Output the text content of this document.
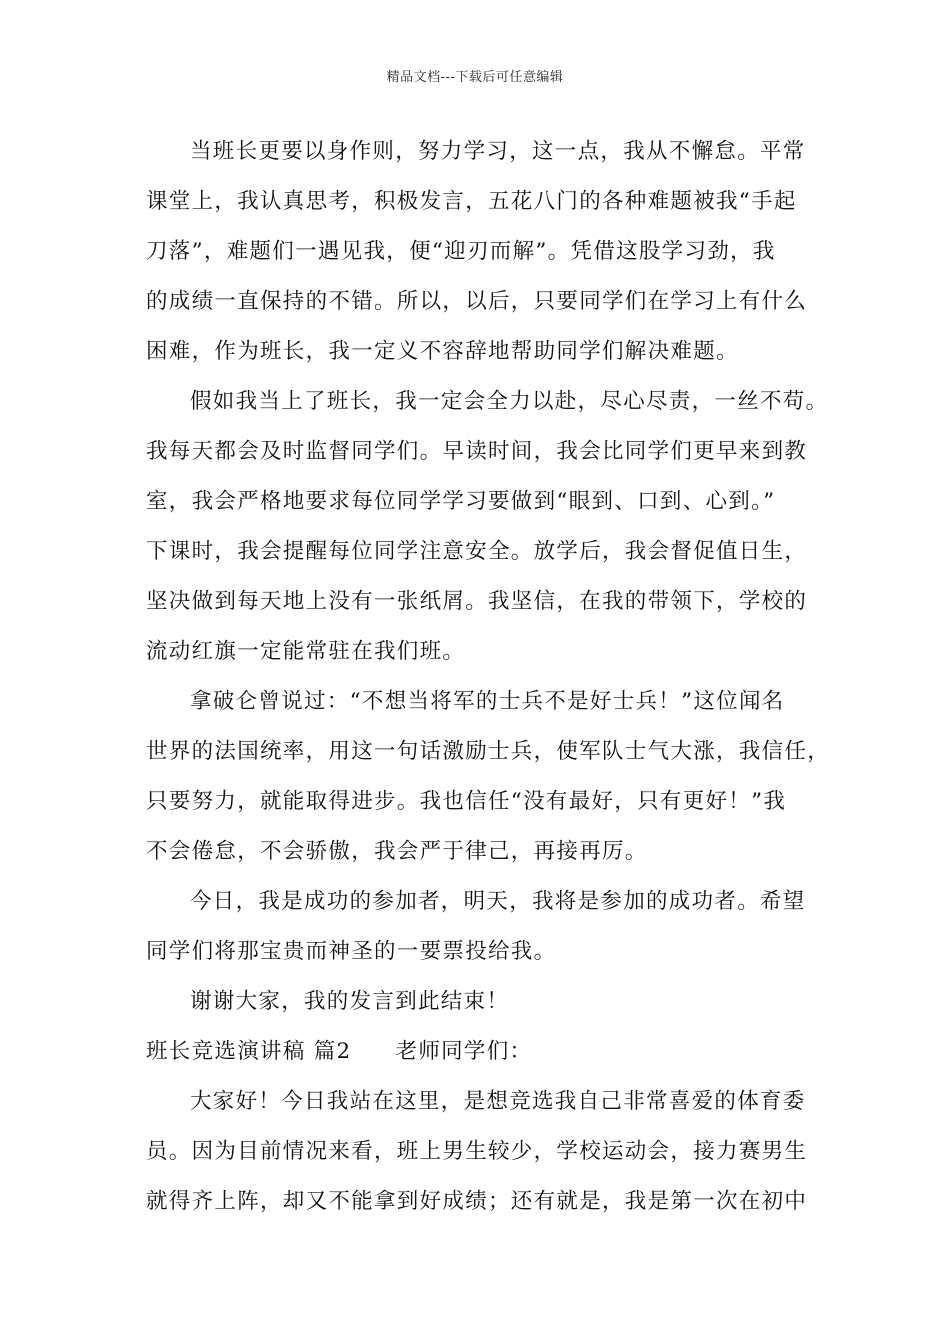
精品文档---下载后可任意编辑
当班长更要以身作则，努力学习，这一点，我从不懈怠。平常
课堂上，我认真思考，积极发言，五花八门的各种难题被我“手起
刀落”，难题们一遇见我，便“迎刃而解”。凭借这股学习劲，我
的成绩一直保持的不错。所以，以后，只要同学们在学习上有什么
困难，作为班长，我一定义不容辞地帮助同学们解决难题。
假如我当上了班长，我一定会全力以赴，尽心尽责，一丝不苟。
我每天都会及时监督同学们。早读时间，我会比同学们更早来到教
室，我会严格地要求每位同学学习要做到“眼到、口到、心到。”
下课时，我会提醒每位同学注意安全。放学后，我会督促值日生，
坚决做到每天地上没有一张纸屑。我坚信，在我的带领下，学校的
流动红旗一定能常驻在我们班。
拿破仑曾说过：“不想当将军的士兵不是好士兵！”这位闻名
世界的法国统率，用这一句话激励士兵，使军队士气大涨，我信任，
只要努力，就能取得进步。我也信任“没有最好，只有更好！”我
不会倦怠，不会骄傲，我会严于律己，再接再厉。
今日，我是成功的参加者，明天，我将是参加的成功者。希望
同学们将那宝贵而神圣的一要票投给我。
谢谢大家，我的发言到此结束！
班长竞选演讲稿 篇2 老师同学们：
大家好！今日我站在这里，是想竞选我自己非常喜爱的体育委
员。因为目前情况来看，班上男生较少，学校运动会，接力赛男生
就得齐上阵，却又不能拿到好成绩；还有就是，我是第一次在初中
